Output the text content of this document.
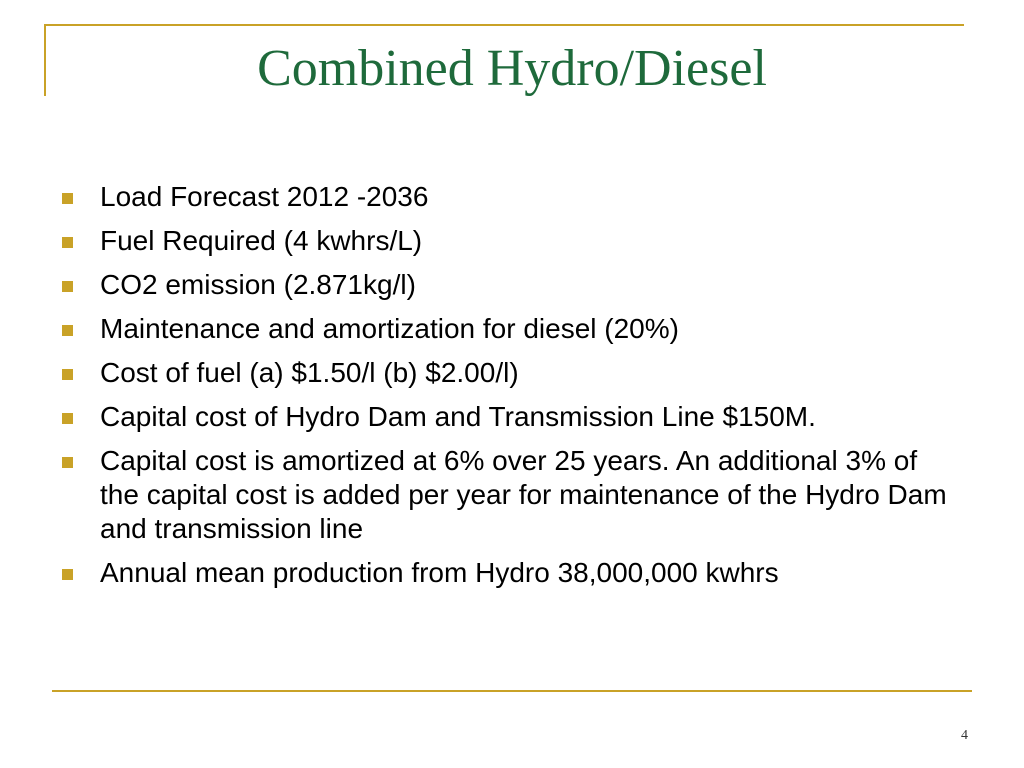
Combined Hydro/Diesel
Load Forecast 2012 -2036
Fuel Required (4 kwhrs/L)
CO2 emission (2.871kg/l)
Maintenance and amortization for diesel (20%)
Cost of fuel (a) $1.50/l (b) $2.00/l)
Capital cost of Hydro Dam and Transmission Line $150M.
Capital cost is amortized at 6% over 25 years. An additional 3% of the capital cost is added per year for maintenance of the Hydro Dam and transmission line
Annual mean production from Hydro 38,000,000 kwhrs
4
